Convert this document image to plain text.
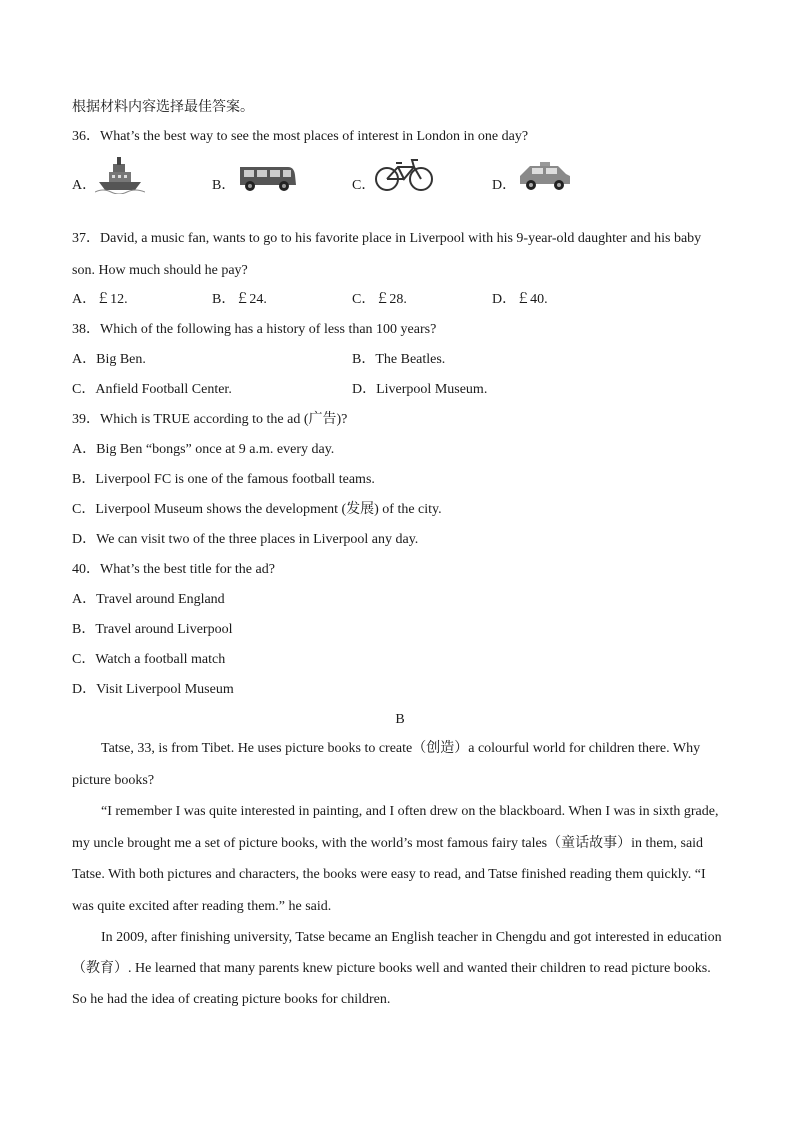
根据材料内容选择最佳答案。
36．What’s the best way to see the most places of interest in London in one day?
A．	B．	C．	D．
37．David, a music fan, wants to go to his favorite place in Liverpool with his 9-year-old daughter and his baby
son. How much should he pay?
A．￡12.	B．￡24.	C．￡28.	D．￡40.
38．Which of the following has a history of less than 100 years?
A．Big Ben.	B．The Beatles.
C．Anfield Football Center.	D．Liverpool Museum.
39．Which is TRUE according to the ad (广告)?
A．Big Ben “bongs” once at 9 a.m. every day.
B．Liverpool FC is one of the famous football teams.
C．Liverpool Museum shows the development (发展) of the city.
D．We can visit two of the three places in Liverpool any day.
40．What’s the best title for the ad?
A．Travel around England
B．Travel around Liverpool
C．Watch a football match
D．Visit Liverpool Museum
B
Tatse, 33, is from Tibet. He uses picture books to create（创造）a colourful world for children there. Why
picture books?
“I remember I was quite interested in painting, and I often drew on the blackboard. When I was in sixth grade,
my uncle brought me a set of picture books, with the world’s most famous fairy tales（童话故事）in them, said
Tatse. With both pictures and characters, the books were easy to read, and Tatse finished reading them quickly. “I
was quite excited after reading them.” he said.
In 2009, after finishing university, Tatse became an English teacher in Chengdu and got interested in education
（教育）. He learned that many parents knew picture books well and wanted their children to read picture books.
So he had the idea of creating picture books for children.
